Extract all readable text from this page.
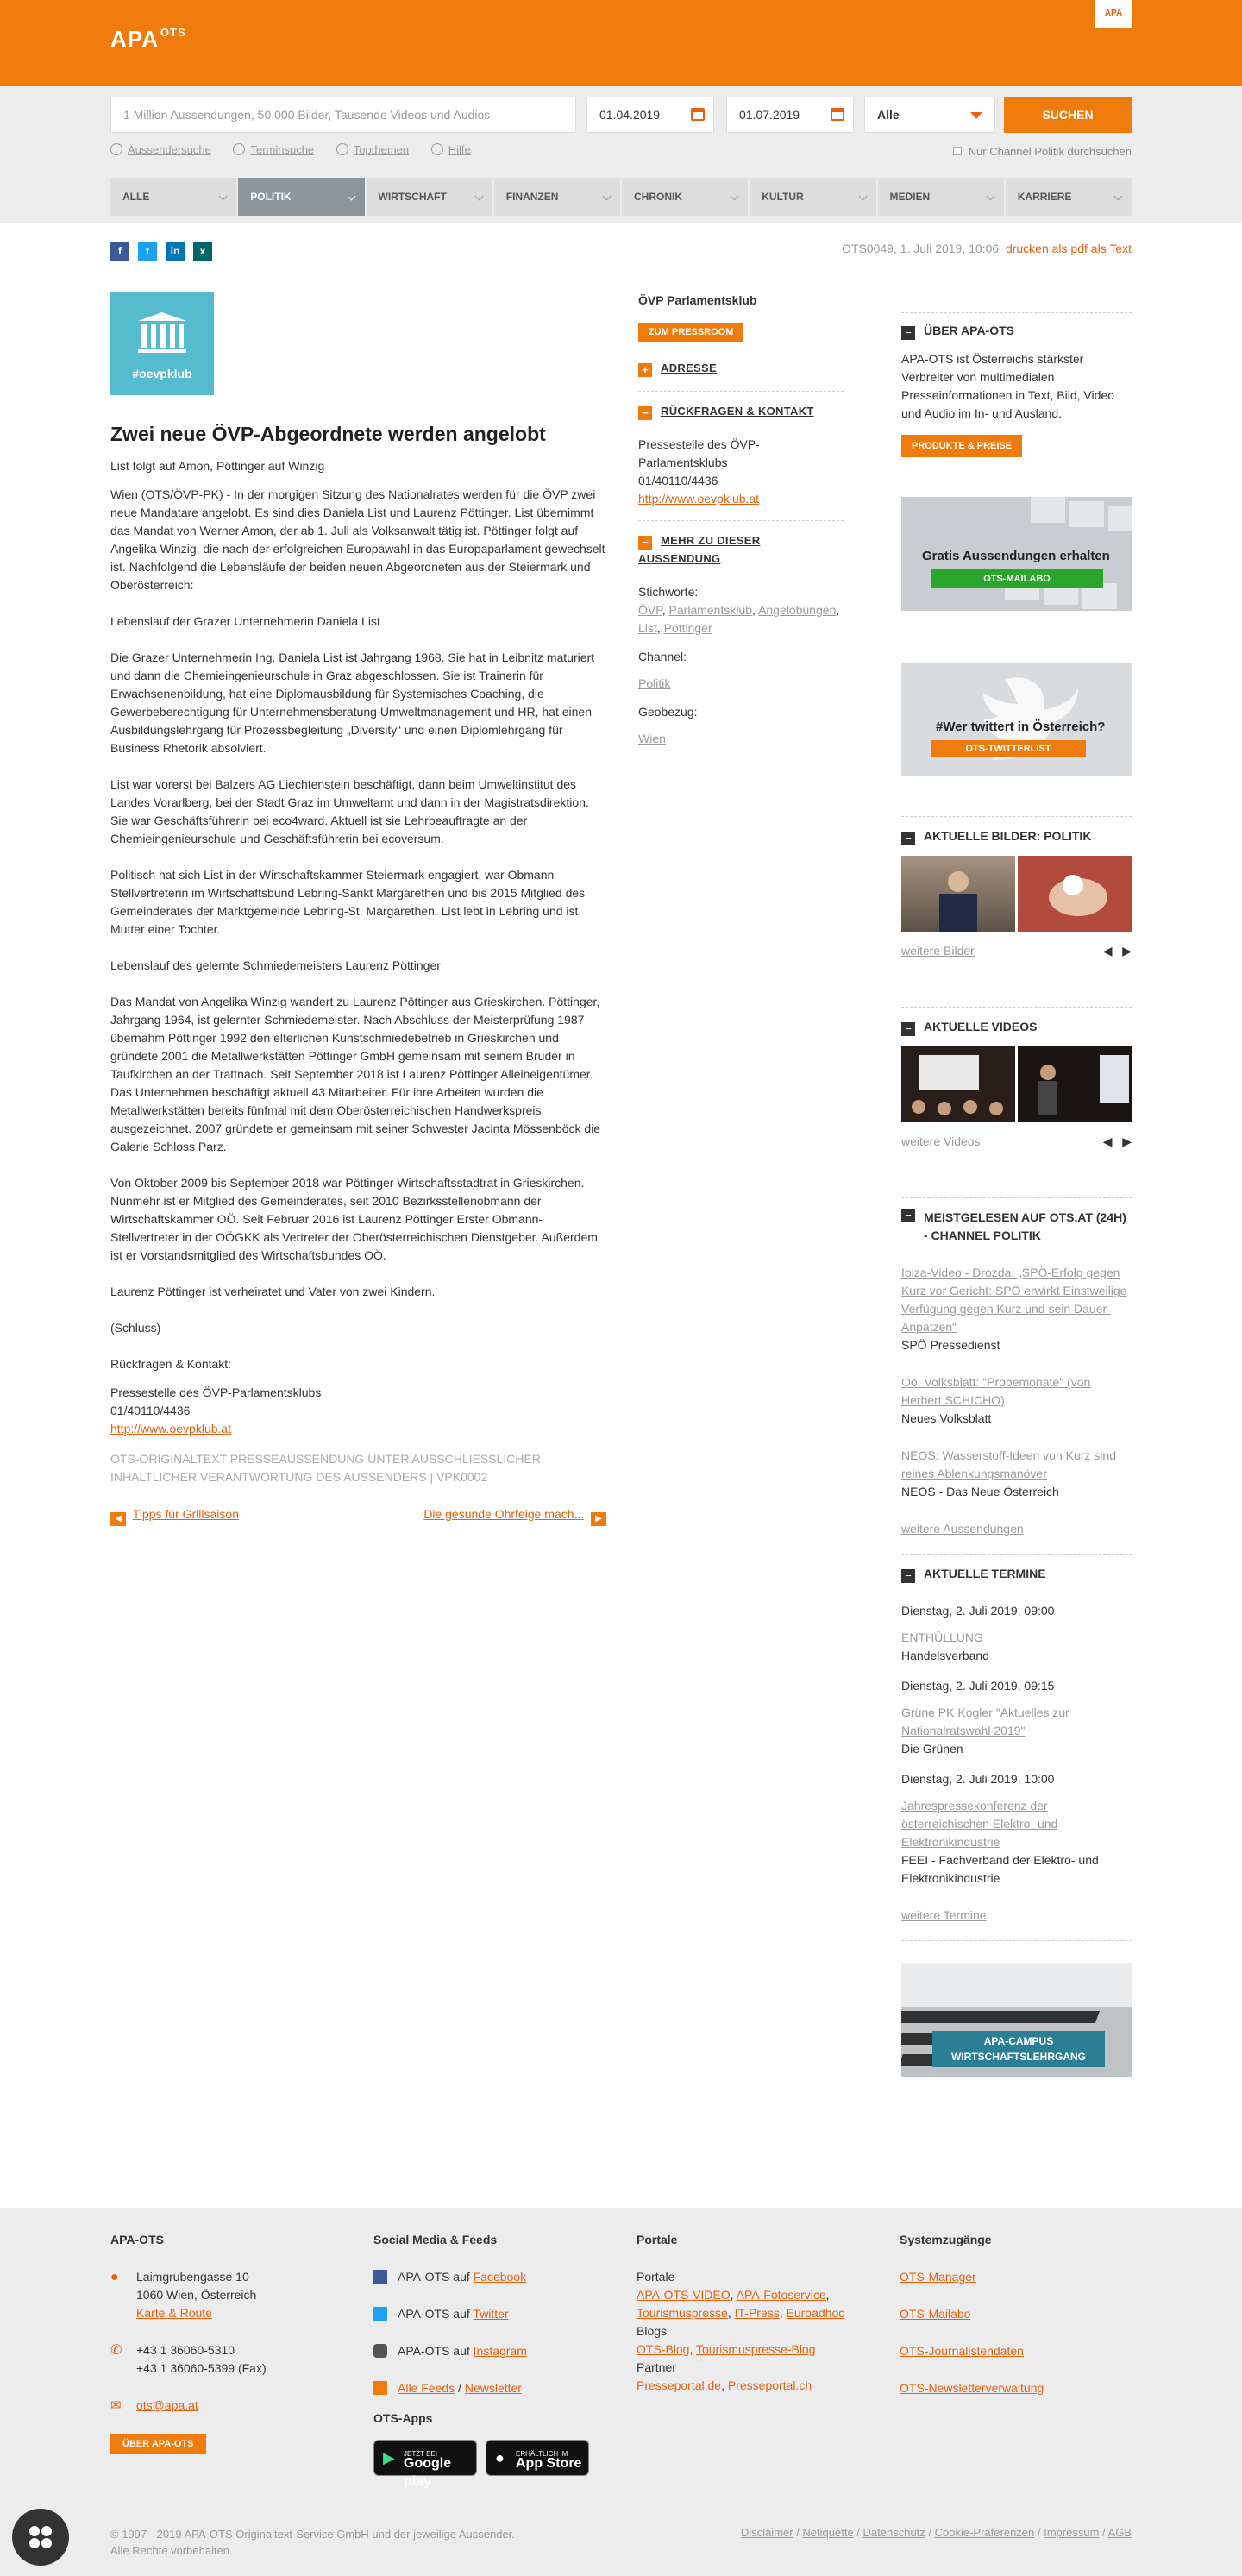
APA $^{OTS}$
APA
1 Million Aussendungen, 50.000 Bilder, Tausende Videos und Audios	01.04.2019	01.07.2019	Alle	SUCHEN
Aussendersuche	Terminsuche	Topthemen	Hilfe	Nur Channel Politik durchsuchen
ALLE	POLITIK	WIRTSCHAFT	FINANZEN	CHRONIK	KULTUR	MEDIEN	KARRIERE
f	t	in	x	OTS0049, 1. Juli 2019, 10:06 drucken als pdf als Text
#oevpklub
Zwei neue ÖVP-Abgeordnete werden angelobt
List folgt auf Amon, Pöttinger auf Winzig

Wien (OTS/ÖVP-PK) - In der morgigen Sitzung des Nationalrates werden für die ÖVP zwei neue Mandatare angelobt. Es sind dies Daniela List und Laurenz Pöttinger. List übernimmt das Mandat von Werner Amon, der ab 1. Juli als Volksanwalt tätig ist. Pöttinger folgt auf Angelika Winzig, die nach der erfolgreichen Europawahl in das Europaparlament gewechselt ist. Nachfolgend die Lebensläufe der beiden neuen Abgeordneten aus der Steiermark und Oberösterreich:

Lebenslauf der Grazer Unternehmerin Daniela List

Die Grazer Unternehmerin Ing. Daniela List ist Jahrgang 1968. Sie hat in Leibnitz maturiert und dann die Chemieingenieurschule in Graz abgeschlossen. Sie ist Trainerin für Erwachsenenbildung, hat eine Diplomausbildung für Systemisches Coaching, die Gewerbeberechtigung für Unternehmensberatung Umweltmanagement und HR, hat einen Ausbildungslehrgang für Prozessbegleitung „Diversity“ und einen Diplomlehrgang für Business Rhetorik absolviert.

List war vorerst bei Balzers AG Liechtenstein beschäftigt, dann beim Umweltinstitut des Landes Vorarlberg, bei der Stadt Graz im Umweltamt und dann in der Magistratsdirektion. Sie war Geschäftsführerin bei eco4ward. Aktuell ist sie Lehrbeauftragte an der Chemieingenieurschule und Geschäftsführerin bei ecoversum.

Politisch hat sich List in der Wirtschaftskammer Steiermark engagiert, war Obmann-Stellvertreterin im Wirtschaftsbund Lebring-Sankt Margarethen und bis 2015 Mitglied des Gemeinderates der Marktgemeinde Lebring-St. Margarethen. List lebt in Lebring und ist Mutter einer Tochter.

Lebenslauf des gelernte Schmiedemeisters Laurenz Pöttinger

Das Mandat von Angelika Winzig wandert zu Laurenz Pöttinger aus Grieskirchen. Pöttinger, Jahrgang 1964, ist gelernter Schmiedemeister. Nach Abschluss der Meisterprüfung 1987 übernahm Pöttinger 1992 den elterlichen Kunstschmiedebetrieb in Grieskirchen und gründete 2001 die Metallwerkstätten Pöttinger GmbH gemeinsam mit seinem Bruder in Taufkirchen an der Trattnach. Seit September 2018 ist Laurenz Pöttinger Alleineigentümer. Das Unternehmen beschäftigt aktuell 43 Mitarbeiter. Für ihre Arbeiten wurden die Metallwerkstätten bereits fünfmal mit dem Oberösterreichischen Handwerkspreis ausgezeichnet. 2007 gründete er gemeinsam mit seiner Schwester Jacinta Mössenböck die Galerie Schloss Parz.

Von Oktober 2009 bis September 2018 war Pöttinger Wirtschaftsstadtrat in Grieskirchen. Nunmehr ist er Mitglied des Gemeinderates, seit 2010 Bezirksstellenobmann der Wirtschaftskammer OÖ. Seit Februar 2016 ist Laurenz Pöttinger Erster Obmann-Stellvertreter in der OÖGKK als Vertreter der Oberösterreichischen Dienstgeber. Außerdem ist er Vorstandsmitglied des Wirtschaftsbundes OÖ.

Laurenz Pöttinger ist verheiratet und Vater von zwei Kindern.

(Schluss)

Rückfragen & Kontakt:
Pressestelle des ÖVP-Parlamentsklubs
01/40110/4436
http://www.oevpklub.at
OTS-ORIGINALTEXT PRESSEAUSSENDUNG UNTER AUSSCHLIESSLICHER INHALTLICHER VERANTWORTUNG DES AUSSENDERS | VPK0002
◀ Tipps für Grillsaison	Die gesunde Ohrfeige mach... ▶
ÖVP Parlamentsklub
ZUM PRESSROOM
+ ADRESSE
− RÜCKFRAGEN & KONTAKT
Pressestelle des ÖVP-Parlamentsklubs
01/40110/4436
http://www.oevpklub.at
− MEHR ZU DIESER AUSSENDUNG
Stichworte:
ÖVP, Parlamentsklub, Angelobungen,
List, Pöttinger
Channel:
Politik
Geobezug:
Wien
− ÜBER APA-OTS
APA-OTS ist Österreichs stärkster Verbreiter von multimedialen Presseinformationen in Text, Bild, Video und Audio im In- und Ausland.
PRODUKTE & PREISE
Gratis Aussendungen erhalten
OTS-MAILABO
#Wer twittert in Österreich?
OTS-TWITTERLIST
− AKTUELLE BILDER: POLITIK
weitere Bilder	◀ ▶
− AKTUELLE VIDEOS
weitere Videos	◀ ▶
−	MEISTGELESEN AUF OTS.AT (24H) - CHANNEL POLITIK
Ibiza-Video - Drozda: „SPÖ-Erfolg gegen Kurz vor Gericht: SPÖ erwirkt Einstweilige Verfügung gegen Kurz und sein Dauer-Anpatzen“
SPÖ Pressedienst
Oö. Volksblatt: "Probemonate" (von Herbert SCHICHO)
Neues Volksblatt
NEOS: Wasserstoff-Ideen von Kurz sind reines Ablenkungsmanöver
NEOS - Das Neue Österreich
weitere Aussendungen
− AKTUELLE TERMINE
Dienstag, 2. Juli 2019, 09:00
ENTHÜLLUNG
Handelsverband
Dienstag, 2. Juli 2019, 09:15
Grüne PK Kogler "Aktuelles zur Nationalratswahl 2019"
Die Grünen
Dienstag, 2. Juli 2019, 10:00
Jahrespressekonferenz der österreichischen Elektro- und Elektronikindustrie
FEEI - Fachverband der Elektro- und Elektronikindustrie
weitere Termine
APA-CAMPUS WIRTSCHAFTSLEHRGANG
APA-OTS
●	Laimgrubengasse 10
1060 Wien, Österreich
Karte & Route
✆	+43 1 36060-5310
+43 1 36060-5399 (Fax)
✉	ots@apa.at
ÜBER APA-OTS
Social Media & Feeds
APA-OTS auf Facebook
APA-OTS auf Twitter
APA-OTS auf Instagram
Alle Feeds / Newsletter
OTS-Apps
▶ JETZT BEI
Google play
● ERHÄLTLICH IM
App Store
Portale
Portale
APA-OTS-VIDEO, APA-Fotoservice,
Tourismuspresse, IT-Press, Euroadhoc
Blogs
OTS-Blog, Tourismuspresse-Blog
Partner
Presseportal.de, Presseportal.ch
Systemzugänge
OTS-Manager
OTS-Mailabo
OTS-Journalistendaten
OTS-Newsletterverwaltung
© 1997 - 2019 APA-OTS Originaltext-Service GmbH und der jeweilige Aussender.
Alle Rechte vorbehalten.
Disclaimer / Netiquette / Datenschutz / Cookie-Präferenzen / Impressum / AGB
